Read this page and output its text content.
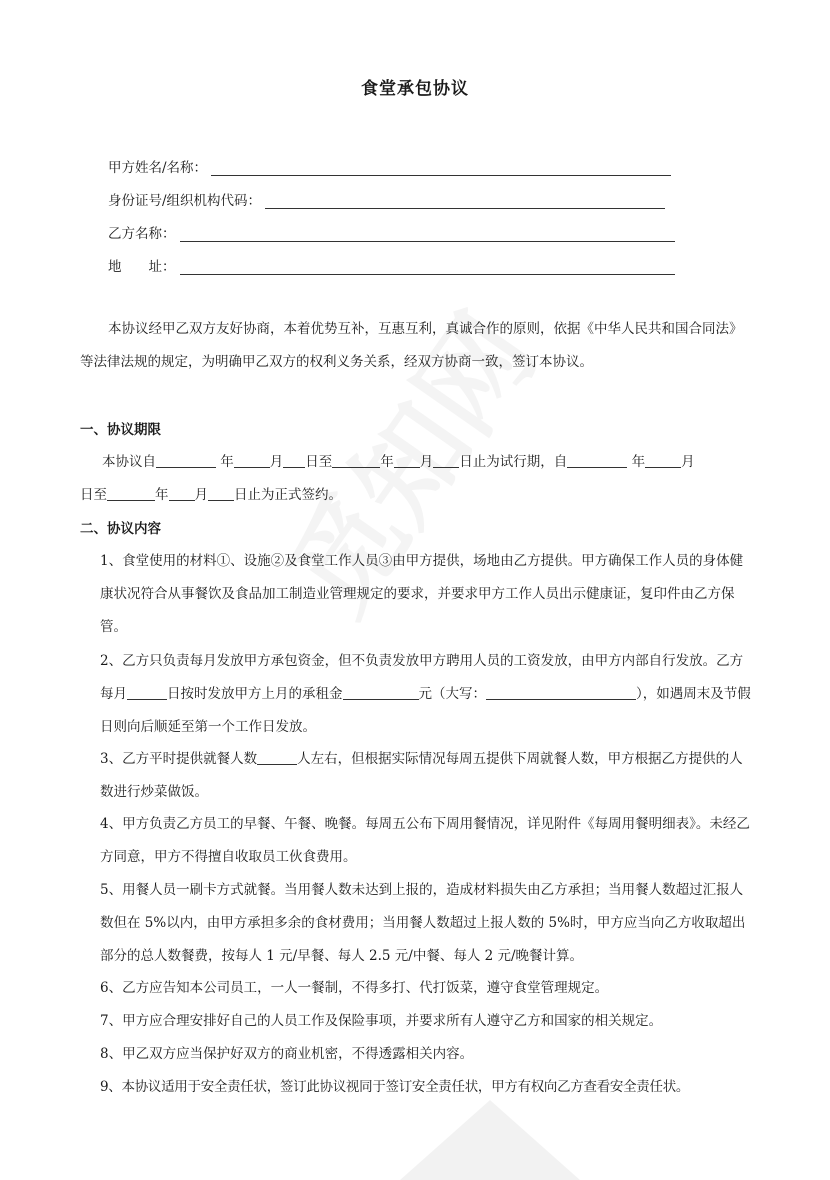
食堂承包协议
甲方姓名/名称：
身份证号/组织机构代码：
乙方名称：
地　　址：
本协议经甲乙双方友好协商，本着优势互补，互惠互利，真诚合作的原则，依据《中华人民共和国合同法》等法律法规的规定，为明确甲乙双方的权利义务关系，经双方协商一致，签订本协议。
一、协议期限
本协议自	年	月 日至	年 月 日止为试行期，自	年	月
日至	年 月 日止为正式签约。
二、协议内容
1、食堂使用的材料①、设施②及食堂工作人员③由甲方提供，场地由乙方提供。甲方确保工作人员的身体健康状况符合从事餐饮及食品加工制造业管理规定的要求，并要求甲方工作人员出示健康证，复印件由乙方保管。
2、乙方只负责每月发放甲方承包资金，但不负责发放甲方聘用人员的工资发放，由甲方内部自行发放。乙方每月	日按时发放甲方上月的承租金	元（大写：	），如遇周末及节假日则向后顺延至第一个工作日发放。
3、乙方平时提供就餐人数	人左右，但根据实际情况每周五提供下周就餐人数，甲方根据乙方提供的人数进行炒菜做饭。
4、甲方负责乙方员工的早餐、午餐、晚餐。每周五公布下周用餐情况，详见附件《每周用餐明细表》。未经乙方同意，甲方不得擅自收取员工伙食费用。
5、用餐人员一刷卡方式就餐。当用餐人数未达到上报的，造成材料损失由乙方承担；当用餐人数超过汇报人数但在 5%以内，由甲方承担多余的食材费用；当用餐人数超过上报人数的 5%时，甲方应当向乙方收取超出部分的总人数餐费，按每人 1 元/早餐、每人 2.5 元/中餐、每人 2 元/晚餐计算。
6、乙方应告知本公司员工，一人一餐制，不得多打、代打饭菜，遵守食堂管理规定。
7、甲方应合理安排好自己的人员工作及保险事项，并要求所有人遵守乙方和国家的相关规定。
8、甲乙双方应当保护好双方的商业机密，不得透露相关内容。
9、本协议适用于安全责任状，签订此协议视同于签订安全责任状，甲方有权向乙方查看安全责任状。
